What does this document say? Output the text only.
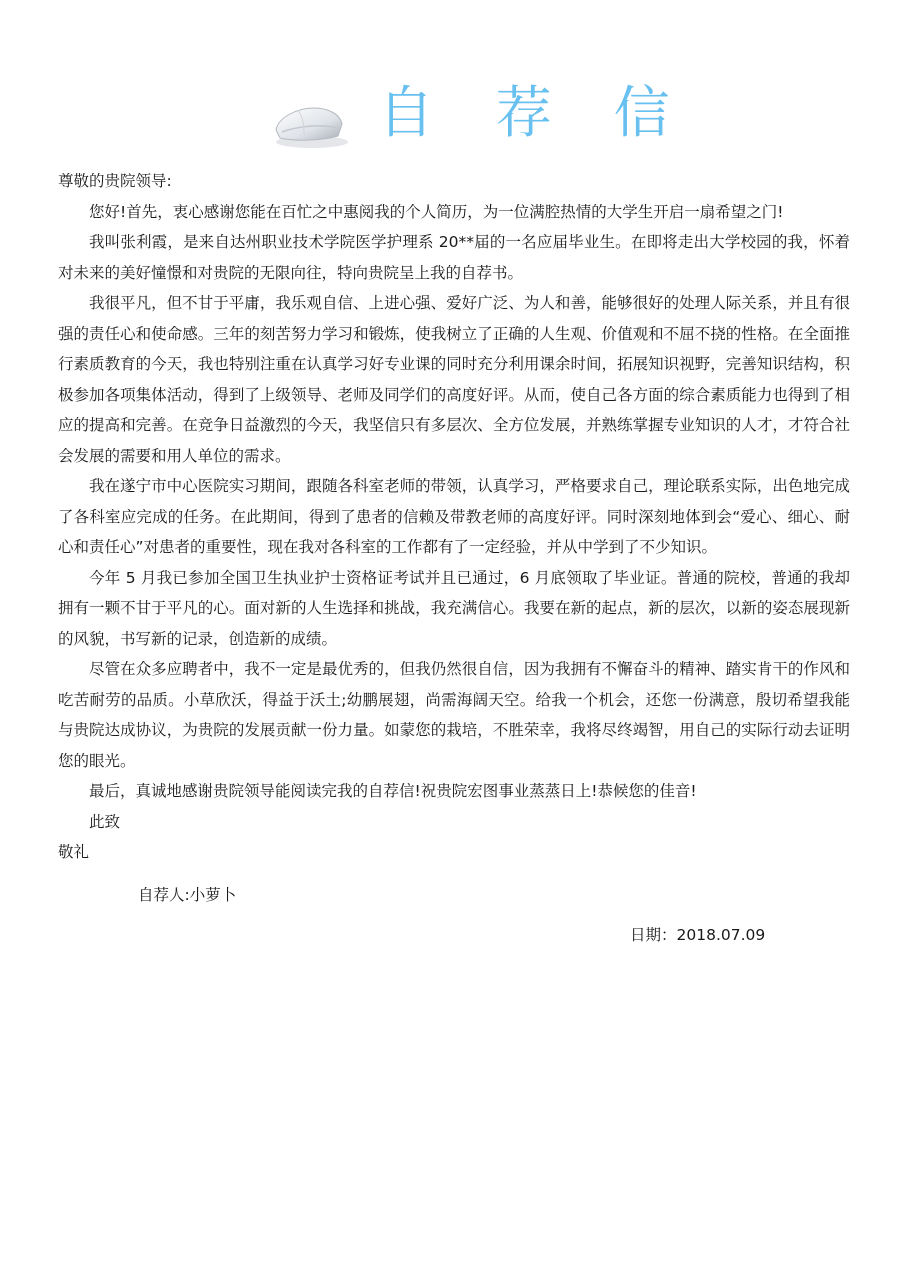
自 荐 信

尊敬的贵院领导:

您好!首先，衷心感谢您能在百忙之中惠阅我的个人简历，为一位满腔热情的大学生开启一扇希望之门!

我叫张利霞，是来自达州职业技术学院医学护理系 20**届的一名应届毕业生。在即将走出大学校园的我，怀着对未来的美好憧憬和对贵院的无限向往，特向贵院呈上我的自荐书。

我很平凡，但不甘于平庸，我乐观自信、上进心强、爱好广泛、为人和善，能够很好的处理人际关系，并且有很强的责任心和使命感。三年的刻苦努力学习和锻炼，使我树立了正确的人生观、价值观和不屈不挠的性格。在全面推行素质教育的今天，我也特别注重在认真学习好专业课的同时充分利用课余时间，拓展知识视野，完善知识结构，积极参加各项集体活动，得到了上级领导、老师及同学们的高度好评。从而，使自己各方面的综合素质能力也得到了相应的提高和完善。在竞争日益激烈的今天，我坚信只有多层次、全方位发展，并熟练掌握专业知识的人才，才符合社会发展的需要和用人单位的需求。

我在遂宁市中心医院实习期间，跟随各科室老师的带领，认真学习，严格要求自己，理论联系实际，出色地完成了各科室应完成的任务。在此期间，得到了患者的信赖及带教老师的高度好评。同时深刻地体到会“爱心、细心、耐心和责任心”对患者的重要性，现在我对各科室的工作都有了一定经验，并从中学到了不少知识。

今年 5 月我已参加全国卫生执业护士资格证考试并且已通过，6 月底领取了毕业证。普通的院校，普通的我却拥有一颗不甘于平凡的心。面对新的人生选择和挑战，我充满信心。我要在新的起点，新的层次，以新的姿态展现新的风貌，书写新的记录，创造新的成绩。

尽管在众多应聘者中，我不一定是最优秀的，但我仍然很自信，因为我拥有不懈奋斗的精神、踏实肯干的作风和吃苦耐劳的品质。小草欣沃，得益于沃土;幼鹏展翅，尚需海阔天空。给我一个机会，还您一份满意，殷切希望我能与贵院达成协议，为贵院的发展贡献一份力量。如蒙您的栽培，不胜荣幸，我将尽终竭智，用自己的实际行动去证明您的眼光。

最后，真诚地感谢贵院领导能阅读完我的自荐信!祝贵院宏图事业蒸蒸日上!恭候您的佳音!

此致

敬礼

自荐人:小萝卜

日期：2018.07.09
